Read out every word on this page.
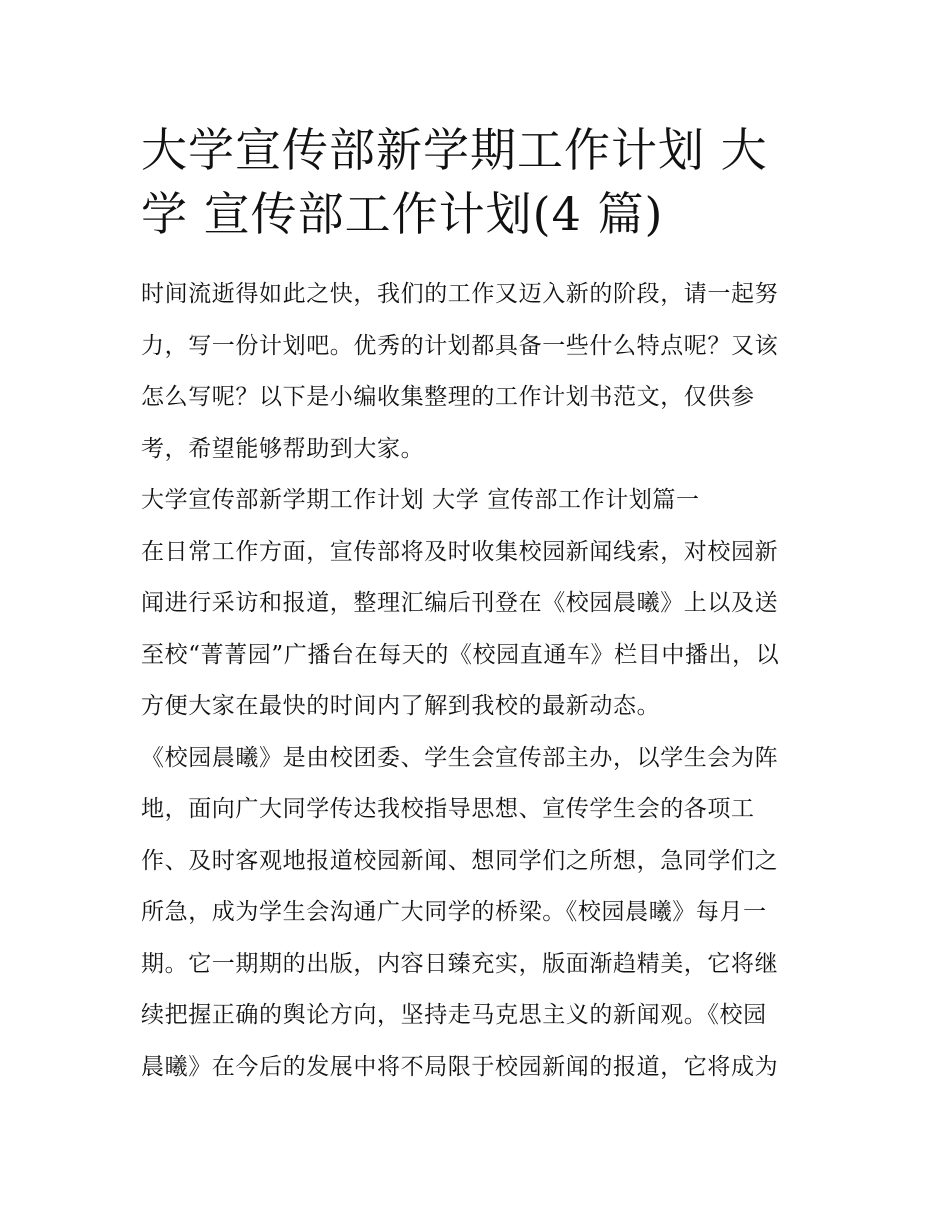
大学宣传部新学期工作计划 大
学 宣传部工作计划(4 篇)

时间流逝得如此之快，我们的工作又迈入新的阶段，请一起努
力，写一份计划吧。优秀的计划都具备一些什么特点呢？又该
怎么写呢？以下是小编收集整理的工作计划书范文，仅供参
考，希望能够帮助到大家。

大学宣传部新学期工作计划 大学 宣传部工作计划篇一

在日常工作方面，宣传部将及时收集校园新闻线索，对校园新
闻进行采访和报道，整理汇编后刊登在《校园晨曦》上以及送
至校“菁菁园”广播台在每天的《校园直通车》栏目中播出，以
方便大家在最快的时间内了解到我校的最新动态。

《校园晨曦》是由校团委、学生会宣传部主办，以学生会为阵
地，面向广大同学传达我校指导思想、宣传学生会的各项工
作、及时客观地报道校园新闻、想同学们之所想，急同学们之
所急，成为学生会沟通广大同学的桥梁。《校园晨曦》每月一
期。它一期期的出版，内容日臻充实，版面渐趋精美，它将继
续把握正确的舆论方向，坚持走马克思主义的新闻观。《校园
晨曦》在今后的发展中将不局限于校园新闻的报道，它将成为
